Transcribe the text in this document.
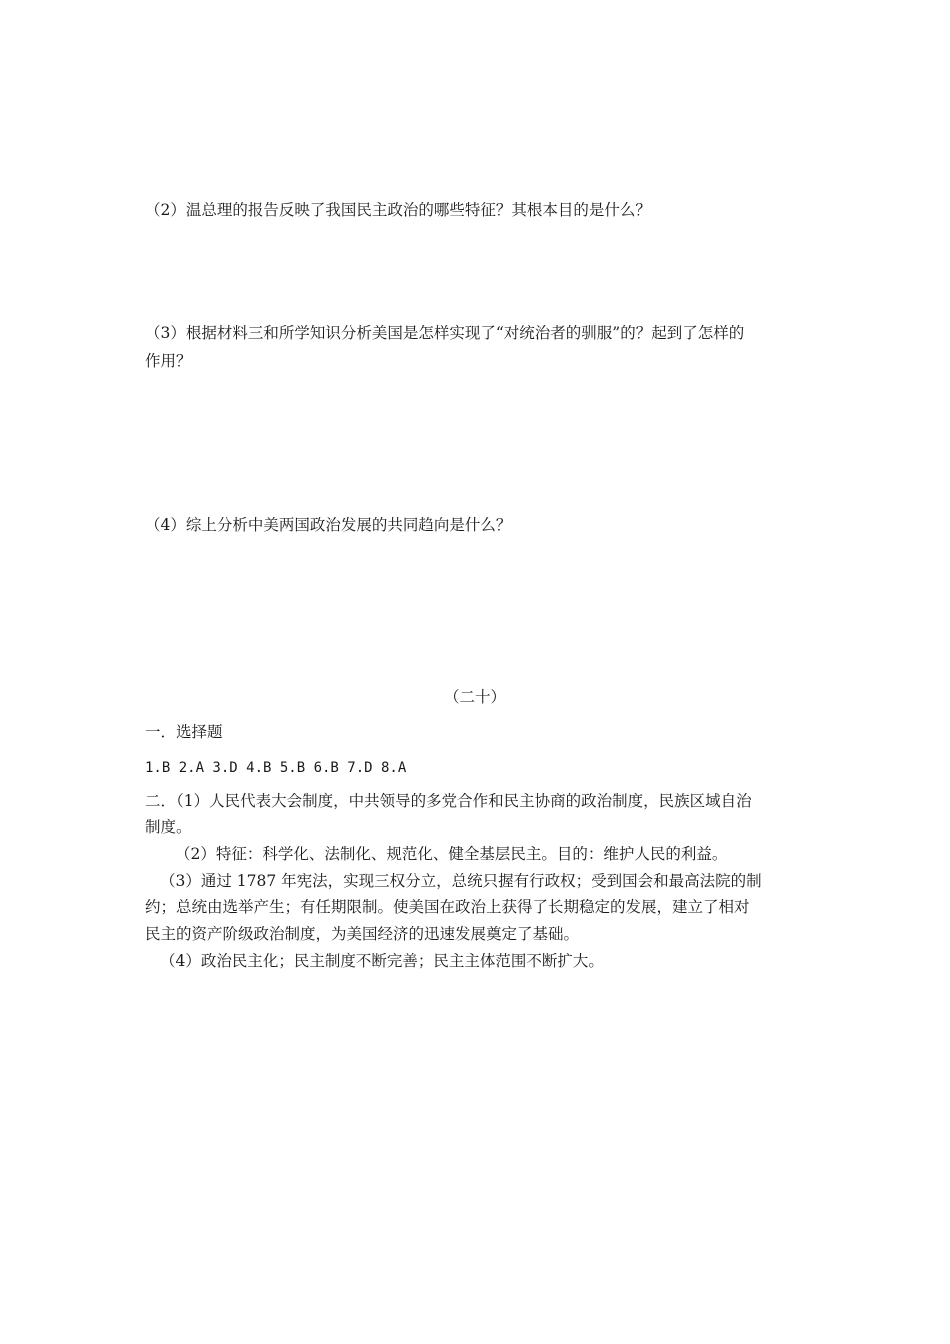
（2）温总理的报告反映了我国民主政治的哪些特征？其根本目的是什么？
（3）根据材料三和所学知识分析美国是怎样实现了“对统治者的驯服”的？起到了怎样的
作用？
（4）综上分析中美两国政治发展的共同趋向是什么？
（二十）
一．选择题
1.B 2.A 3.D 4.B 5.B 6.B 7.D 8.A
二．（1）人民代表大会制度，中共领导的多党合作和民主协商的政治制度，民族区域自治
制度。
（2）特征：科学化、法制化、规范化、健全基层民主。目的：维护人民的利益。
（3）通过 1787 年宪法，实现三权分立，总统只握有行政权；受到国会和最高法院的制
约；总统由选举产生；有任期限制。使美国在政治上获得了长期稳定的发展，建立了相对
民主的资产阶级政治制度，为美国经济的迅速发展奠定了基础。
（4）政治民主化；民主制度不断完善；民主主体范围不断扩大。
